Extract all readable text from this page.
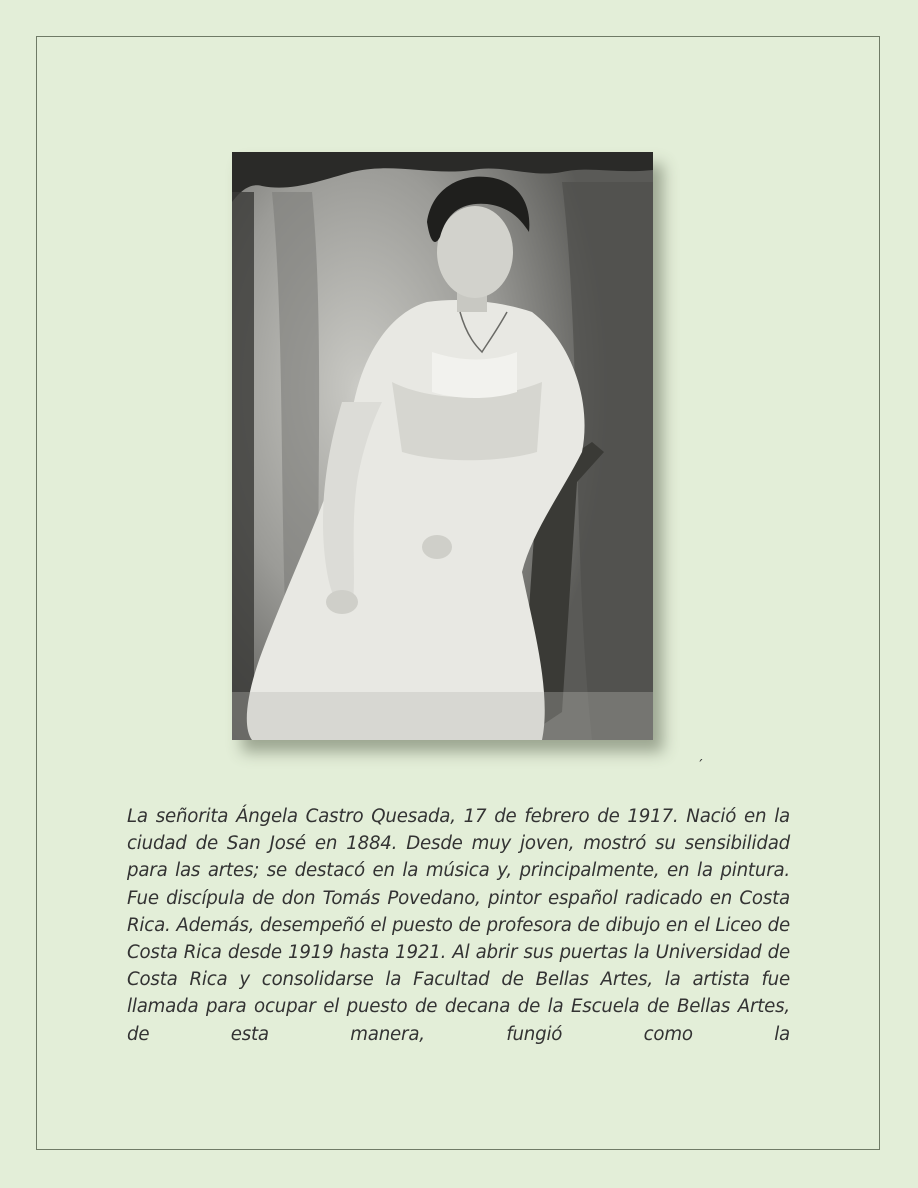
´

La señorita Ángela Castro Quesada, 17 de febrero de 1917. Nació en la ciudad de San José en 1884. Desde muy joven, mostró su sensibilidad para las artes; se destacó en la música y, principalmente, en la pintura. Fue discípula de don Tomás Povedano, pintor español radicado en Costa Rica. Además, desempeñó el puesto de profesora de dibujo en el Liceo de Costa Rica desde 1919 hasta 1921. Al abrir sus puertas la Universidad de Costa Rica y consolidarse la Facultad de Bellas Artes, la artista fue llamada para ocupar el puesto de decana de la Escuela de Bellas Artes, de esta manera, fungió como la
